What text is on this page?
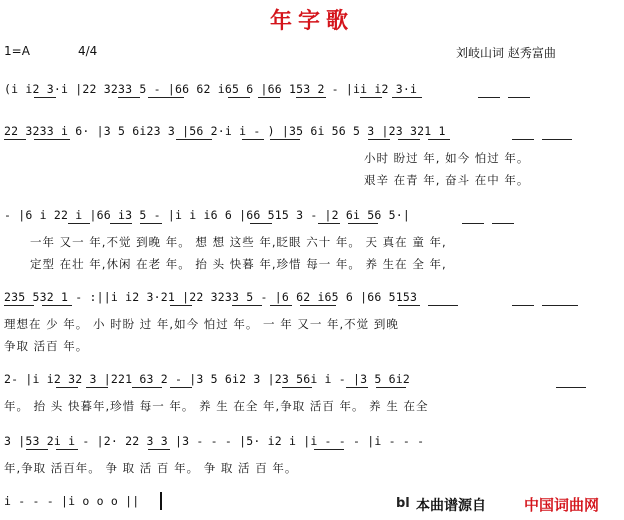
年字歌
1=A	4/4	刘岐山词 赵秀富曲
(i i2 3·i |22 3233 5 - |66 62 i65 6 |66 153 2 - |ii i2 3·i
22 3233 i 6· |3 5 6i23 3 |56 2·i i - ) |35 6i 56 5 3 |23 321 1
小时 盼过 年, 如今 怕过 年。
艰辛 在青 年, 奋斗 在中 年。
- |6 i 22 i |66 i3 5 - |i i i6 6 |66 515 3 - |2 6i 56 5·|
一年 又一 年,不觉 到晚 年。 想 想 这些 年,眨眼 六十 年。 天 真在 童 年,
定型 在壮 年,休闲 在老 年。 抬 头 快暮 年,珍惜 每一 年。 养 生在 全 年,
235 532 1 - :||i i2 3·21 |22 3233 5 - |6 62 i65 6 |66 5153
理想在 少 年。 小 时盼 过 年,如今 怕过 年。 一 年 又一 年,不觉 到晚
争取 活百 年。
2- |i i2 32 3 |221 63 2 - |3 5 6i2 3 |23 56i i - |3 5 6i2
年。 抬 头 快暮年,珍惜 每一 年。 养 生 在全 年,争取 活百 年。 养 生 在全
3 |53 2i i - |2· 22 3 3 |3 - - - |5· i2 i |i - - - |i - - -
年,争取 活百年。 争 取 活 百 年。 争 取 活 百 年。
i - - - |i o o o ||	bl 本曲谱源自	中国词曲网
